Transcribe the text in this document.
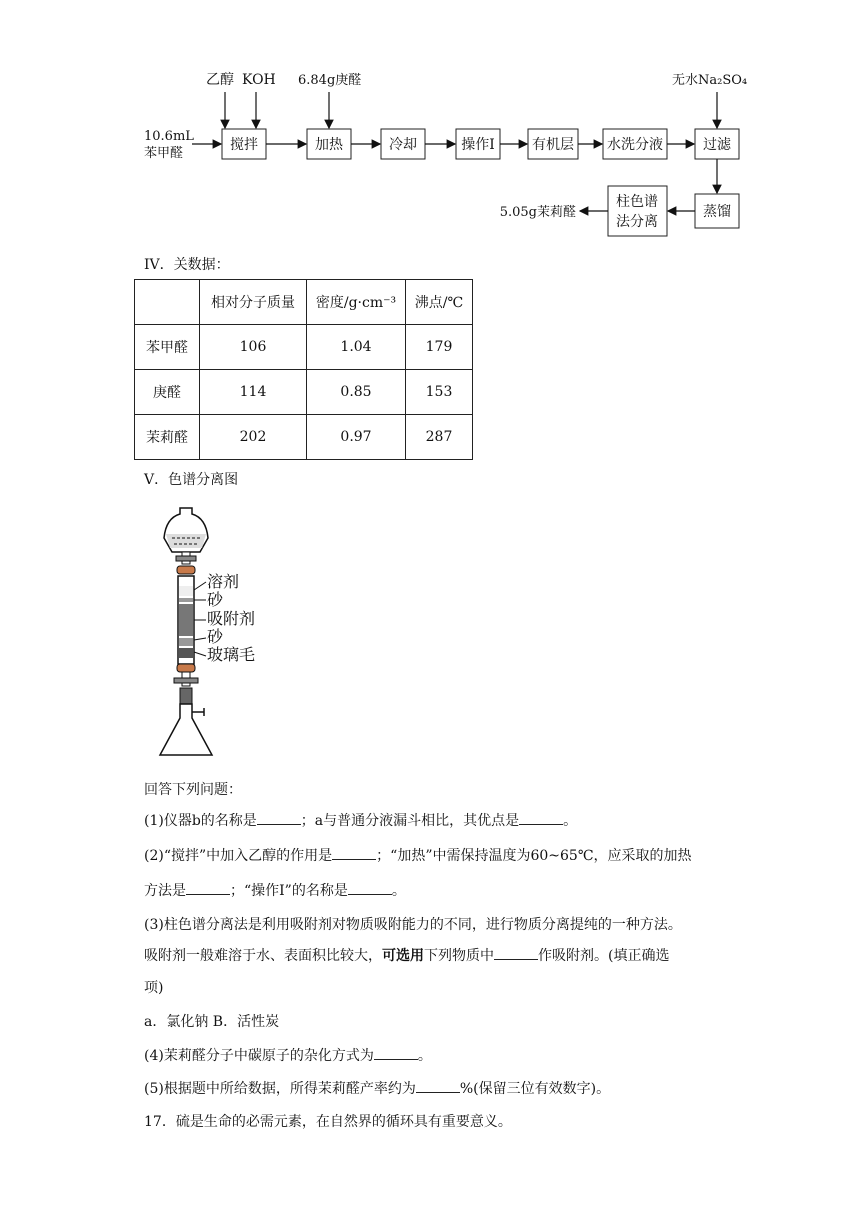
10.6mL
苯甲醛
乙醇 KOH 6.84g庚醛	无水Na₂SO₄
搅拌	加热	冷却	操作I	有机层 水洗分液	过滤
蒸馏
柱色谱
法分离
5.05g茉莉醛
IV．关数据：
	相对分子质量	密度/g·cm⁻³	沸点/℃
苯甲醛	106	1.04	179
庚醛	114	0.85	153
茉莉醛	202	0.97	287
V．色谱分离图
溶剂
砂
吸附剂
砂
玻璃毛
回答下列问题：
(1)仪器b的名称是	；a与普通分液漏斗相比，其优点是	。
(2)“搅拌”中加入乙醇的作用是	；“加热”中需保持温度为60~65℃，应采取的加热
方法是	；“操作I”的名称是	。
(3)柱色谱分离法是利用吸附剂对物质吸附能力的不同，进行物质分离提纯的一种方法。
吸附剂一般难溶于水、表面积比较大，可选用下列物质中	作吸附剂。(填正确选
项)
a．氯化钠 B．活性炭
(4)茉莉醛分子中碳原子的杂化方式为	。
(5)根据题中所给数据，所得茉莉醛产率约为	%(保留三位有效数字)。
17．硫是生命的必需元素，在自然界的循环具有重要意义。
